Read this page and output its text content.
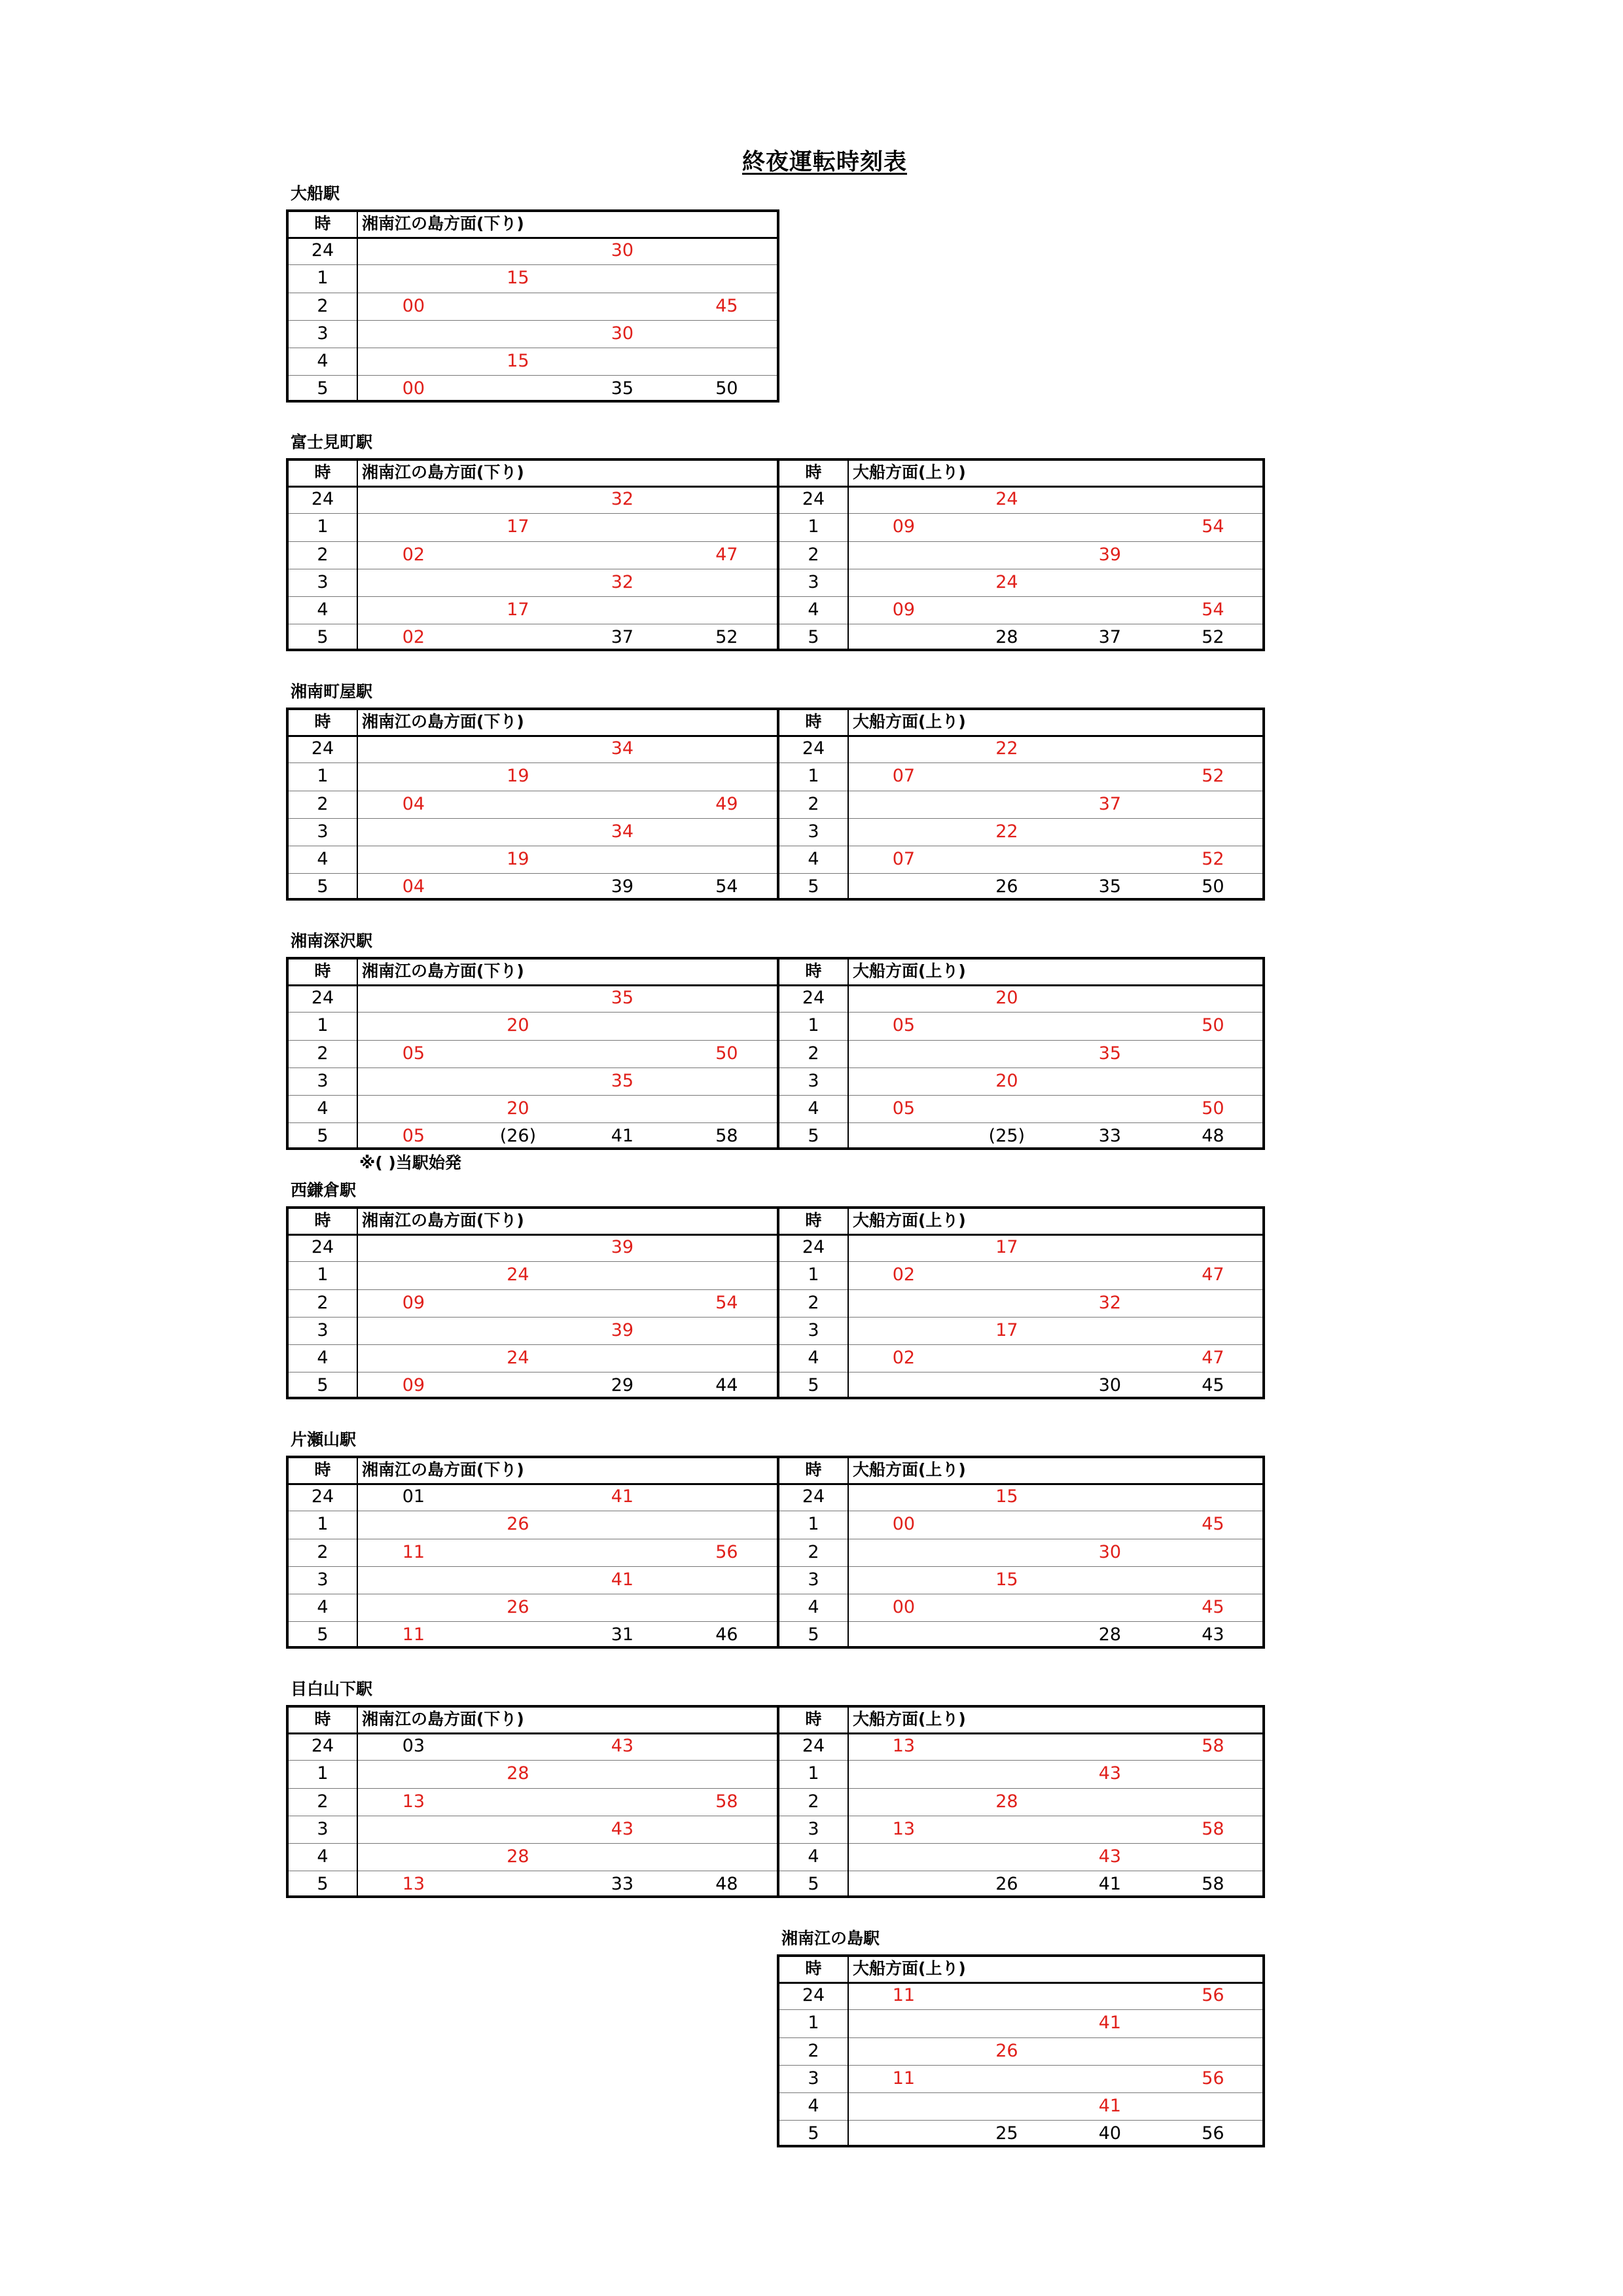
終夜運転時刻表
大船駅
時	湘南江の島方面(下り)
24	30
1	15
2	00	45
3	30
4	15
5	00	35	50
富士見町駅
時	湘南江の島方面(下り)
24	32
1	17
2	02	47
3	32
4	17
5	02	37	52
時	大船方面(上り)
24	24
1	09	54
2	39
3	24
4	09	54
5	28	37	52
湘南町屋駅
時	湘南江の島方面(下り)
24	34
1	19
2	04	49
3	34
4	19
5	04	39	54
時	大船方面(上り)
24	22
1	07	52
2	37
3	22
4	07	52
5	26	35	50
湘南深沢駅
時	湘南江の島方面(下り)
24	35
1	20
2	05	50
3	35
4	20
5	05	(26)	41	58
時	大船方面(上り)
24	20
1	05	50
2	35
3	20
4	05	50
5	(25)	33	48
※( )当駅始発
西鎌倉駅
時	湘南江の島方面(下り)
24	39
1	24
2	09	54
3	39
4	24
5	09	29	44
時	大船方面(上り)
24	17
1	02	47
2	32
3	17
4	02	47
5	30	45
片瀬山駅
時	湘南江の島方面(下り)
24	01	41
1	26
2	11	56
3	41
4	26
5	11	31	46
時	大船方面(上り)
24	15
1	00	45
2	30
3	15
4	00	45
5	28	43
目白山下駅
時	湘南江の島方面(下り)
24	03	43
1	28
2	13	58
3	43
4	28
5	13	33	48
時	大船方面(上り)
24	13	58
1	43
2	28
3	13	58
4	43
5	26	41	58
湘南江の島駅
時	大船方面(上り)
24	11	56
1	41
2	26
3	11	56
4	41
5	25	40	56
